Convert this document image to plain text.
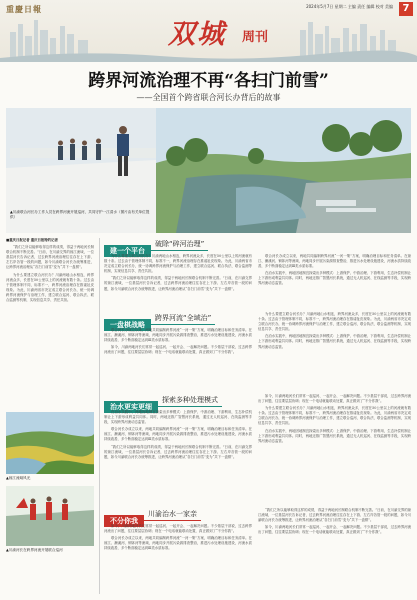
重慶日報	2024年5月7日 星期二 主编 责任 编辑 校对 美编 7
双城 周刊
跨界河流治理不再“各扫门前雪”
——全国首个跨省联合河长办背后的故事
▲川渝联合河长办工作人员在跨界河流开展巡河，共同守护一江清水（图片由有关单位提供）

■重庆日报记者 重庆日报特约记者

“我们之所以能够取得这样的成绩，得益于两地河长制联合机制不断完善。”日前，在川渝交界的琼江流域，一位基层河长告诉记者，过去跨界河流治理往往存在上下游、左右岸各管一段的问题，如今川渝联合河长办统筹推进，让跨界河流治理从“各扫门前雪”变为“共下一盘棋”。

为什么要建立联合河长办？川渝两地山水相连，跨界河流众多，长度在50公里以上的河流就有数十条。过去由于管理体制不同，标准不一，跨界河流治理存在推诿扯皮现象。为此，川渝两省市决定成立联合河长办，统一协调跨界河流保护与治理工作，建立联合巡河、联合执法、联合监测等机制，实现信息共享、责任共担。

▲琼江流域风光
▲川渝河长在跨界河流开展联合巡河
建一个平台破除“碎河治理”

为什么要建立联合河长办？川渝两地山水相连，跨界河流众多，长度在50公里以上的河流就有数十条。过去由于管理体制不同，标准不一，跨界河流治理存在推诿扯皮现象。为此，川渝两省市决定成立联合河长办，统一协调跨界河流保护与治理工作，建立联合巡河、联合执法、联合监测等机制，实现信息共享、责任共担。

“我们之所以能够取得这样的成绩，得益于两地河长制联合机制不断完善。”日前，在川渝交界的琼江流域，一位基层河长告诉记者，过去跨界河流治理往往存在上下游、左右岸各管一段的问题，如今川渝联合河长办统筹推进，让跨界河流治理从“各扫门前雪”变为“共下一盘棋”。

联合河长办成立以来，两地共同编制跨界河流“一河一策”方案，明确治理目标和任务清单。在琼江、濑溪河、铜钵河等流域，两地同步开展污染源排查整治，推进污水处理设施建设，河流水质持续改善，多个断面稳定达到Ⅲ类水质标准。

在治水实践中，两地因地制宜探索出多种模式：上游保护、中游治理、下游利用，生态补偿机制让上下游形成利益共同体。同时，两地还推广智慧河长系统，通过无人机巡河、在线监测等手段，实现跨界河流动态监管。

一盘棋战略跨界河流“全域治”

联合河长办成立以来，两地共同编制跨界河流“一河一策”方案，明确治理目标和任务清单。在琼江、濑溪河、铜钵河等流域，两地同步开展污染源排查整治，推进污水处理设施建设，河流水质持续改善，多个断面稳定达到Ⅲ类水质标准。

如今，川渝两地河长们常常一起巡河、一起开会、一起解决问题。不少基层干部说，过去跨界河流出了问题，往往要层层协调；现在一个电话就能联动处置，真正做到了“不分你我”。

为什么要建立联合河长办？川渝两地山水相连，跨界河流众多，长度在50公里以上的河流就有数十条。过去由于管理体制不同，标准不一，跨界河流治理存在推诿扯皮现象。为此，川渝两省市决定成立联合河长办，统一协调跨界河流保护与治理工作，建立联合巡河、联合执法、联合监测等机制，实现信息共享、责任共担。

在治水实践中，两地因地制宜探索出多种模式：上游保护、中游治理、下游利用，生态补偿机制让上下游形成利益共同体。同时，两地还推广智慧河长系统，通过无人机巡河、在线监测等手段，实现跨界河流动态监管。

治水更实更细探索多种处理模式

在治水实践中，两地因地制宜探索出多种模式：上游保护、中游治理、下游利用，生态补偿机制让上下游形成利益共同体。同时，两地还推广智慧河长系统，通过无人机巡河、在线监测等手段，实现跨界河流动态监管。

联合河长办成立以来，两地共同编制跨界河流“一河一策”方案，明确治理目标和任务清单。在琼江、濑溪河、铜钵河等流域，两地同步开展污染源排查整治，推进污水处理设施建设，河流水质持续改善，多个断面稳定达到Ⅲ类水质标准。

“我们之所以能够取得这样的成绩，得益于两地河长制联合机制不断完善。”日前，在川渝交界的琼江流域，一位基层河长告诉记者，过去跨界河流治理往往存在上下游、左右岸各管一段的问题，如今川渝联合河长办统筹推进，让跨界河流治理从“各扫门前雪”变为“共下一盘棋”。

如今，川渝两地河长们常常一起巡河、一起开会、一起解决问题。不少基层干部说，过去跨界河流出了问题，往往要层层协调；现在一个电话就能联动处置，真正做到了“不分你我”。

为什么要建立联合河长办？川渝两地山水相连，跨界河流众多，长度在50公里以上的河流就有数十条。过去由于管理体制不同，标准不一，跨界河流治理存在推诿扯皮现象。为此，川渝两省市决定成立联合河长办，统一协调跨界河流保护与治理工作，建立联合巡河、联合执法、联合监测等机制，实现信息共享、责任共担。

在治水实践中，两地因地制宜探索出多种模式：上游保护、中游治理、下游利用，生态补偿机制让上下游形成利益共同体。同时，两地还推广智慧河长系统，通过无人机巡河、在线监测等手段，实现跨界河流动态监管。

不分你我川渝治水一家亲

如今，川渝两地河长们常常一起巡河、一起开会、一起解决问题。不少基层干部说，过去跨界河流出了问题，往往要层层协调；现在一个电话就能联动处置，真正做到了“不分你我”。

联合河长办成立以来，两地共同编制跨界河流“一河一策”方案，明确治理目标和任务清单。在琼江、濑溪河、铜钵河等流域，两地同步开展污染源排查整治，推进污水处理设施建设，河流水质持续改善，多个断面稳定达到Ⅲ类水质标准。

“我们之所以能够取得这样的成绩，得益于两地河长制联合机制不断完善。”日前，在川渝交界的琼江流域，一位基层河长告诉记者，过去跨界河流治理往往存在上下游、左右岸各管一段的问题，如今川渝联合河长办统筹推进，让跨界河流治理从“各扫门前雪”变为“共下一盘棋”。

如今，川渝两地河长们常常一起巡河、一起开会、一起解决问题。不少基层干部说，过去跨界河流出了问题，往往要层层协调；现在一个电话就能联动处置，真正做到了“不分你我”。
